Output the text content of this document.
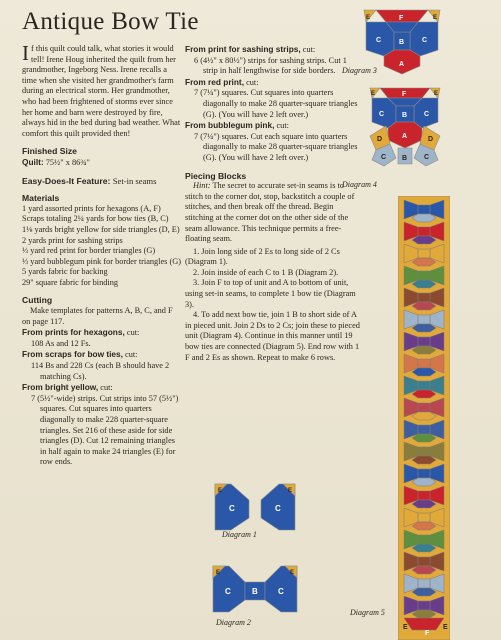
Antique Bow Tie

If this quilt could talk, what stories it would tell! Irene Houg inherited the quilt from her grandmother, Ingeborg Ness. Irene recalls a time when she visited her grandmother's farm during an electrical storm. Her grandmother, who had been frightened of storms ever since her home and barn were destroyed by fire, always hid in the bed during bad weather. What comfort this quilt provided then!

Finished Size

Quilt: 75½" x 86¾"

Easy-Does-It Feature: Set-in seams

Materials

1 yard assorted prints for hexagons (A, F)

Scraps totaling 2¼ yards for bow ties (B, C)

1⅛ yards bright yellow for side triangles (D, E)

2 yards print for sashing strips

⅓ yard red print for border triangles (G)

⅓ yard bubblegum pink for border triangles (G)

5 yards fabric for backing

29" square fabric for binding

Cutting

Make templates for patterns A, B, C, and F on page 117.

From prints for hexagons, cut:

108 As and 12 Fs.

From scraps for bow ties, cut:

114 Bs and 228 Cs (each B should have 2 matching Cs).

From bright yellow, cut:

7 (5½"-wide) strips. Cut strips into 57 (5½") squares. Cut squares into quarters diagonally to make 228 quarter-square triangles. Set 216 of these aside for side triangles (D). Cut 12 remaining triangles in half again to make 24 triangles (E) for row ends.

From print for sashing strips, cut:

6 (4½" x 80½") strips for sashing strips. Cut 1 strip in half lengthwise for side borders.

From red print, cut:

7 (7¼") squares. Cut squares into quarters diagonally to make 28 quarter-square triangles (G). (You will have 2 left over.)

From bubblegum pink, cut:

7 (7¼") squares. Cut each square into quarters diagonally to make 28 quarter-square triangles (G). (You will have 2 left over.)

Piecing Blocks

Hint: The secret to accurate set-in seams is to stitch to the corner dot, stop, backstitch a couple of stitches, and then break off the thread. Begin stitching at the corner dot on the other side of the seam allowance. This technique permits a free-floating seam.

1. Join long side of 2 Es to long side of 2 Cs (Diagram 1).

2. Join inside of each C to 1 B (Diagram 2).

3. Join F to top of unit and A to bottom of unit, using set-in seams, to complete 1 bow tie (Diagram 3).

4. To add next bow tie, join 1 B to short side of A in pieced unit. Join 2 Ds to 2 Cs; join these to pieced unit (Diagram 4). Continue in this manner until 19 bow ties are connected (Diagram 5). End row with 1 F and 2 Es as shown. Repeat to make 6 rows.

E
C
E
C
Diagram 1
E
C	B	C
E
Diagram 2
E	F	E
C	B	C
A
Diagram 3
E	F	E
C	B C
A
D	D
C B C
Diagram 4
Diagram 5
E
F
E
